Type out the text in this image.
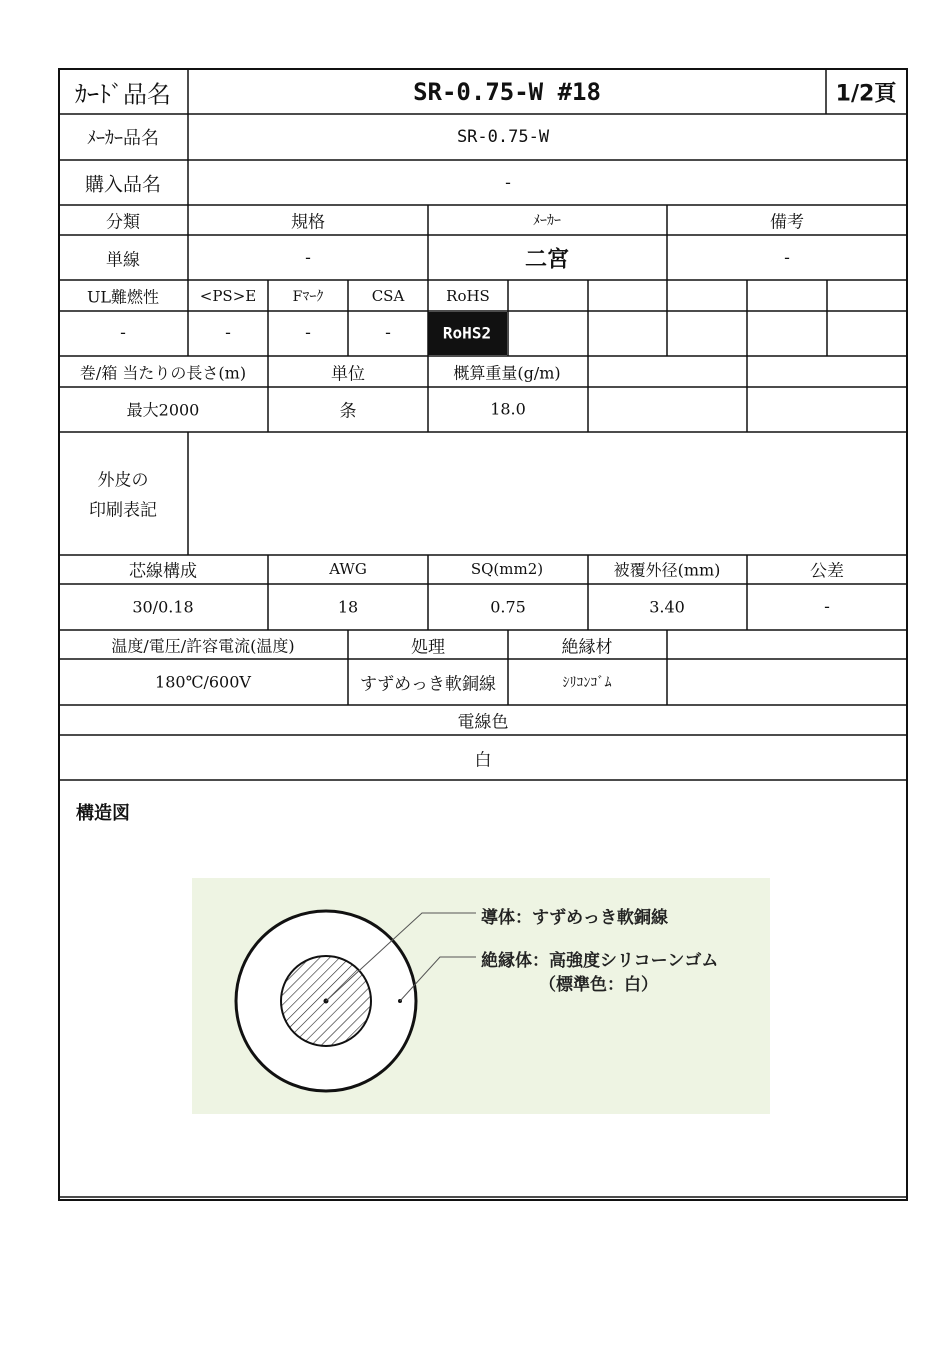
ｶｰﾄﾞ品名	SR-0.75-W #18	1/2頁
ﾒｰｶｰ品名	SR-0.75-W
購入品名	-
分類	規格	ﾒｰｶｰ	備考
単線	-	二宮	-
UL難燃性	<PS>E	Fﾏｰｸ	CSA	RoHS
-	-	-	-	RoHS2
巻/箱 当たりの長さ(m)	単位	概算重量(g/m)
最大2000	条	18.0
外皮の
印刷表記
芯線構成	AWG	SQ(mm2)	被覆外径(mm)	公差
30/0.18	18	0.75	3.40	-
温度/電圧/許容電流(温度)	処理	絶縁材
180℃/600V	すずめっき軟銅線	ｼﾘｺﾝｺﾞﾑ
電線色
白
構造図
導体：すずめっき軟銅線
絶縁体：高強度シリコーンゴム
（標準色：白）
